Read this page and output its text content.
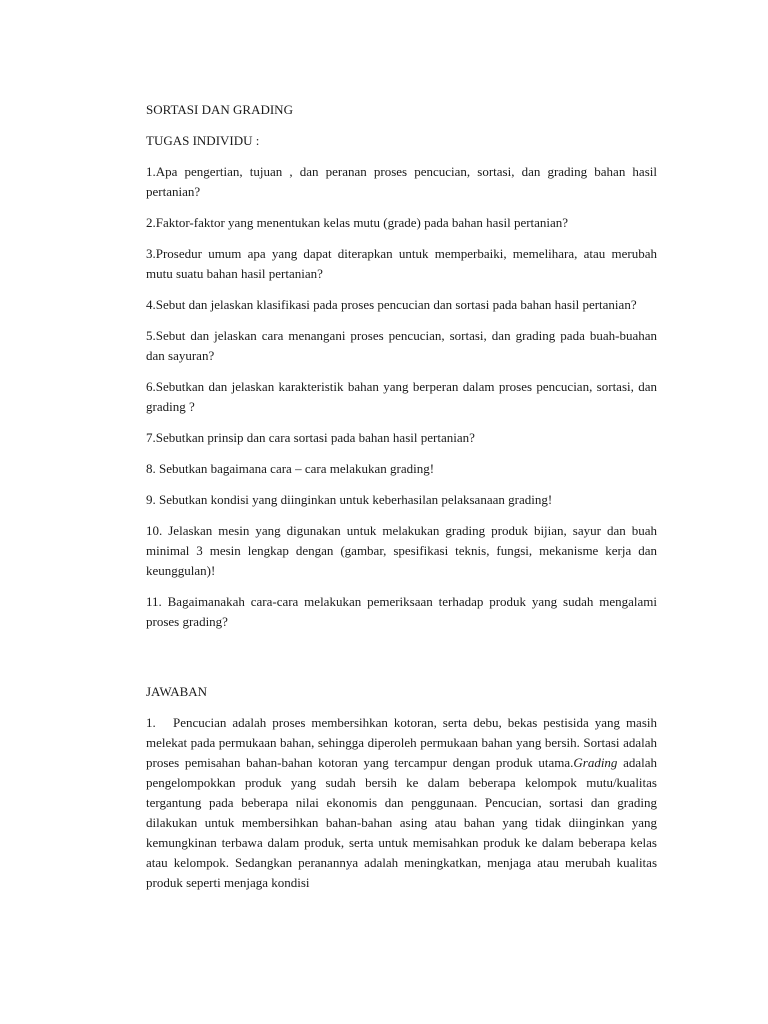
SORTASI DAN GRADING

TUGAS INDIVIDU :

1.Apa pengertian, tujuan , dan peranan proses pencucian, sortasi, dan grading bahan hasil pertanian?

2.Faktor-faktor yang menentukan kelas mutu (grade) pada bahan hasil pertanian?

3.Prosedur umum apa yang dapat diterapkan untuk memperbaiki, memelihara, atau merubah mutu suatu bahan hasil pertanian?

4.Sebut dan jelaskan klasifikasi pada proses pencucian dan sortasi pada bahan hasil pertanian?

5.Sebut dan jelaskan cara menangani proses pencucian, sortasi, dan grading pada buah-buahan dan sayuran?

6.Sebutkan dan jelaskan karakteristik bahan yang berperan dalam proses pencucian, sortasi, dan grading ?

7.Sebutkan prinsip dan cara sortasi pada bahan hasil pertanian?

8. Sebutkan bagaimana cara – cara melakukan grading!

9. Sebutkan kondisi yang diinginkan untuk keberhasilan pelaksanaan grading!

10. Jelaskan mesin yang digunakan untuk melakukan grading produk bijian, sayur dan buah minimal 3 mesin lengkap dengan (gambar, spesifikasi teknis, fungsi, mekanisme kerja dan keunggulan)!

11. Bagaimanakah cara-cara melakukan pemeriksaan terhadap produk yang sudah mengalami proses grading?

JAWABAN

1. Pencucian adalah proses membersihkan kotoran, serta debu, bekas pestisida yang masih melekat pada permukaan bahan, sehingga diperoleh permukaan bahan yang bersih. Sortasi adalah proses pemisahan bahan-bahan kotoran yang tercampur dengan produk utama.Grading adalah pengelompokkan produk yang sudah bersih ke dalam beberapa kelompok mutu/kualitas tergantung pada beberapa nilai ekonomis dan penggunaan. Pencucian, sortasi dan grading dilakukan untuk membersihkan bahan-bahan asing atau bahan yang tidak diinginkan yang kemungkinan terbawa dalam produk, serta untuk memisahkan produk ke dalam beberapa kelas atau kelompok. Sedangkan peranannya adalah meningkatkan, menjaga atau merubah kualitas produk seperti menjaga kondisi
